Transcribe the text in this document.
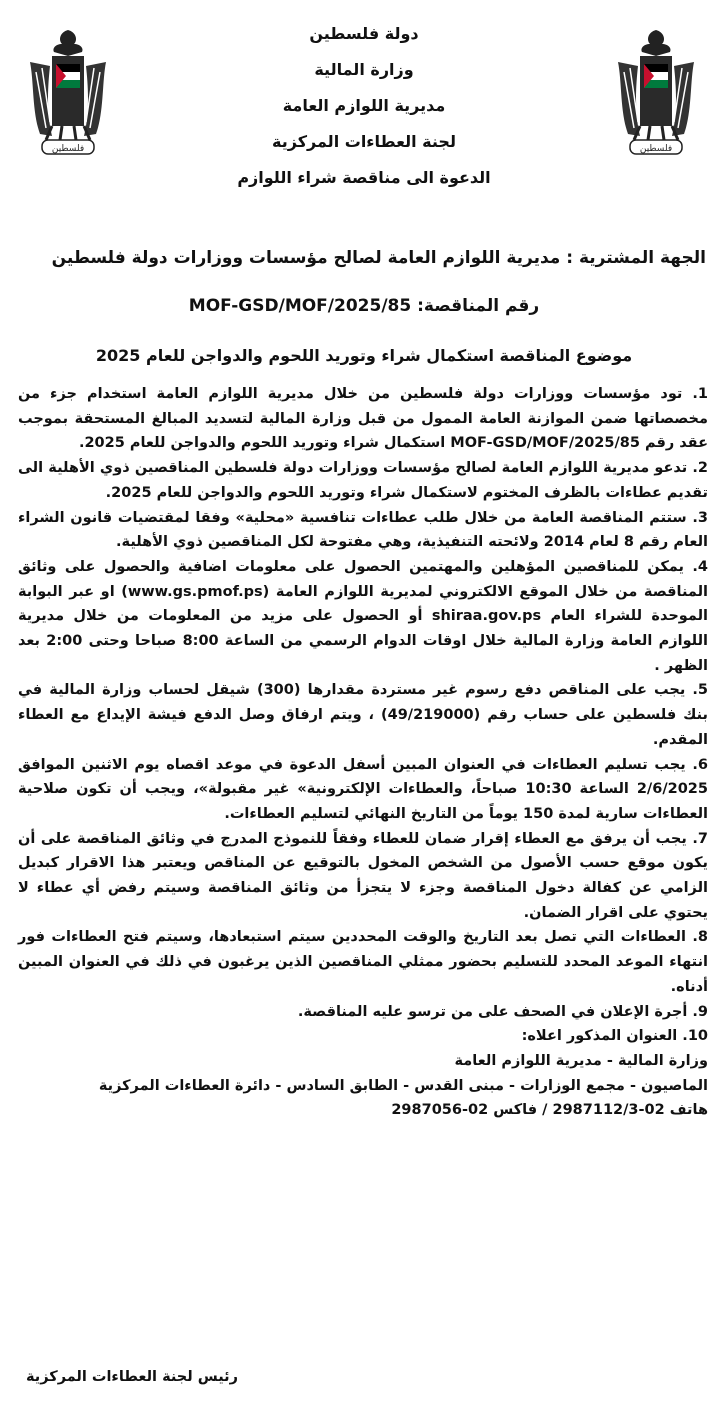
فلسطين	فلسطين
دولة فلسطين
وزارة المالية
مديرية اللوازم العامة
لجنة العطاءات المركزية
الدعوة الى مناقصة شراء اللوازم
الجهة المشترية : مديرية اللوازم العامة لصالح مؤسسات ووزارات دولة فلسطين
رقم المناقصة: MOF-GSD/MOF/2025/85
موضوع المناقصة استكمال شراء وتوريد اللحوم والدواجن للعام 2025

1. تود مؤسسات ووزارات دولة فلسطين من خلال مديرية اللوازم العامة استخدام جزء من مخصصاتها ضمن الموازنة العامة الممول من قبل وزارة المالية لتسديد المبالغ المستحقة بموجب عقد رقم MOF-GSD/MOF/2025/85 استكمال شراء وتوريد اللحوم والدواجن للعام 2025.

2. تدعو مديرية اللوازم العامة لصالح مؤسسات ووزارات دولة فلسطين المناقصين ذوي الأهلية الى تقديم عطاءات بالظرف المختوم لاستكمال شراء وتوريد اللحوم والدواجن للعام 2025.

3. ستتم المناقصة العامة من خلال طلب عطاءات تنافسية «محلية» وفقا لمقتضيات قانون الشراء العام رقم 8 لعام 2014 ولائحته التنفيذية، وهي مفتوحة لكل المناقصين ذوي الأهلية.

4. يمكن للمناقصين المؤهلين والمهتمين الحصول على معلومات اضافية والحصول على وثائق المناقصة من خلال الموقع الالكتروني لمديرية اللوازم العامة (www.gs.pmof.ps) او عبر البوابة الموحدة للشراء العام shiraa.gov.ps أو الحصول على مزيد من المعلومات من خلال مديرية اللوازم العامة وزارة المالية خلال اوقات الدوام الرسمي من الساعة 8:00 صباحا وحتى 2:00 بعد الظهر .

5. يجب على المناقص دفع رسوم غير مستردة مقدارها (300) شيقل لحساب وزارة المالية في بنك فلسطين على حساب رقم (49/219000) ، ويتم ارفاق وصل الدفع فيشة الإيداع مع العطاء المقدم.

6. يجب تسليم العطاءات في العنوان المبين أسفل الدعوة في موعد اقصاه يوم الاثنين الموافق 2/6/2025 الساعة 10:30 صباحاً، والعطاءات الإلكترونية» غير مقبولة»، ويجب أن تكون صلاحية العطاءات سارية لمدة 150 يوماً من التاريخ النهائي لتسليم العطاءات.

7. يجب أن يرفق مع العطاء إقرار ضمان للعطاء وفقاً للنموذج المدرج في وثائق المناقصة على أن يكون موقع حسب الأصول من الشخص المخول بالتوقيع عن المناقص ويعتبر هذا الاقرار كبديل الزامي عن كفالة دخول المناقصة وجزء لا يتجزأ من وثائق المناقصة وسيتم رفض أي عطاء لا يحتوي على اقرار الضمان.

8. العطاءات التي تصل بعد التاريخ والوقت المحددين سيتم استبعادها، وسيتم فتح العطاءات فور انتهاء الموعد المحدد للتسليم بحضور ممثلي المناقصين الذين يرغبون في ذلك في العنوان المبين أدناه.

9. أجرة الإعلان في الصحف على من ترسو عليه المناقصة.

10. العنوان المذكور اعلاه:

وزارة المالية - مديرية اللوازم العامة

الماصيون - مجمع الوزارات - مبنى القدس - الطابق السادس - دائرة العطاءات المركزية

هاتف 02-2987112/3 / فاكس 02-2987056

رئيس لجنة العطاءات المركزية
